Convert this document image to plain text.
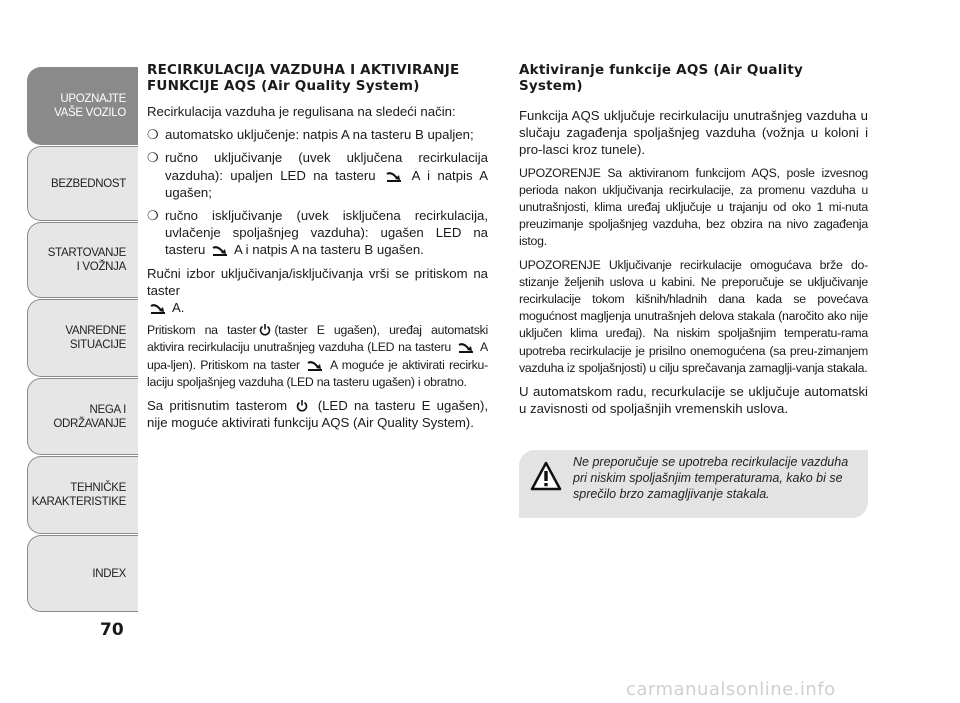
UPOZNAJTE
VAŠE VOZILO
BEZBEDNOST
STARTOVANJE
I VOŽNJA
VANREDNE
SITUACIJE
NEGA I
ODRŽAVANJE
TEHNIČKE
KARAKTERISTIKE
INDEX
70
RECIRKULACIJA VAZDUHA I AKTIVIRANJE FUNKCIJE AQS (Air Quality System)

Recirkulacija vazduha je regulisana na sledeći način:

❍ automatsko uključenje: natpis A na tasteru B upaljen;
❍ ručno uključivanje (uvek uključena recirkulacija vazduha): upaljen LED na tasteru	A i natpis A ugašen;
❍ ručno isključivanje (uvek isključena recirkulacija, uvlačenje spoljašnjeg vazduha): ugašen LED na tasteru A i natpis A na tasteru B ugašen.

Ručni izbor uključivanja/isključivanja vrši se pritiskom na taster
A.

Pritiskom na taster (taster E ugašen), uređaj automatski aktivira recirkulaciju unutrašnjeg vazduha (LED na tasteru A upa-ljen). Pritiskom na taster A moguće je aktivirati recirku-laciju spoljašnjeg vazduha (LED na tasteru ugašen) i obratno.

Sa pritisnutim tasterom (LED na tasteru E ugašen), nije moguće aktivirati funkciju AQS (Air Quality System).

Aktiviranje funkcije AQS (Air Quality System)

Funkcija AQS uključuje recirkulaciju unutrašnjeg vazduha u slučaju zagađenja spoljašnjeg vazduha (vožnja u koloni i pro-lasci kroz tunele).

UPOZORENJE Sa aktiviranom funkcijom AQS, posle izvesnog perioda nakon uključivanja recirkulacije, za promenu vazduha u unutrašnjosti, klima uređaj uključuje u trajanju od oko 1 mi-nuta preuzimanje spoljašnjeg vazduha, bez obzira na nivo zagađenja istog.

UPOZORENJE Uključivanje recirkulacije omogućava brže do-stizanje željenih uslova u kabini. Ne preporučuje se uključivanje recirkulacije tokom kišnih/hladnih dana kada se povećava mogućnost magljenja unutrašnjeh delova stakala (naročito ako nije uključen klima uređaj). Na niskim spoljašnjim temperatu-rama upotreba recirkulacije je prisilno onemogućena (sa preu-zimanjem vazduha iz spoljašnjosti) u cilju sprečavanja zamaglji-vanja stakala.

U automatskom radu, recurkulacije se uključuje automatski u zavisnosti od spoljašnjih vremenskih uslova.

Ne preporučuje se upotreba recirkulacije vazduha pri niskim spoljašnjim temperaturama, kako bi se sprečilo brzo zamagljivanje stakala.
carmanualsonline.info
